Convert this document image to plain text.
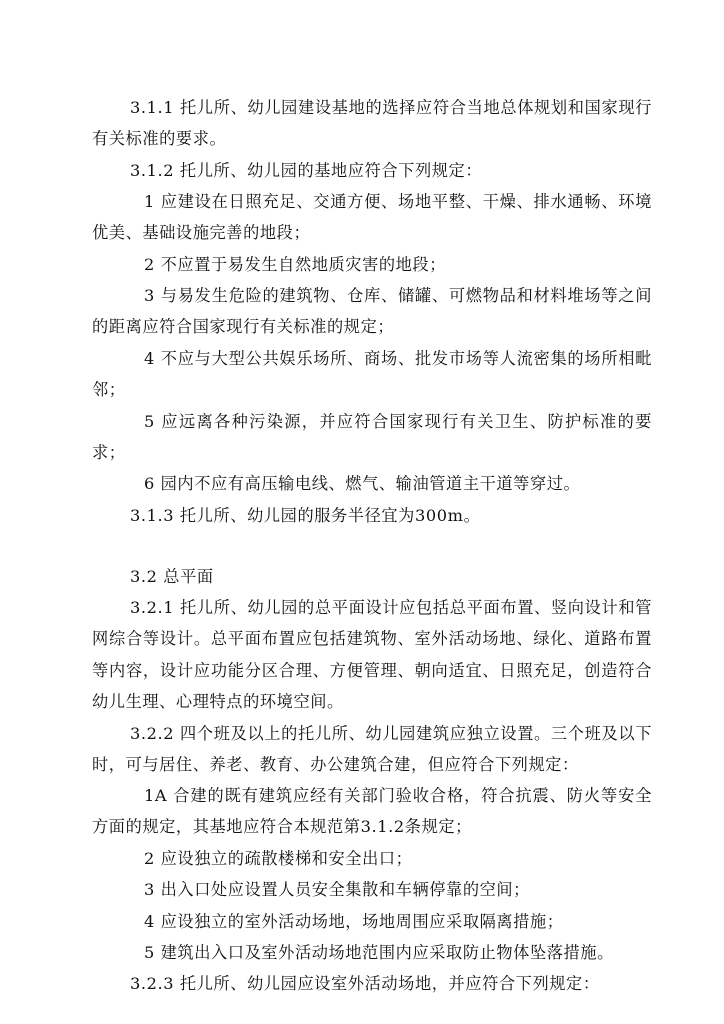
3.1.1 托儿所、幼儿园建设基地的选择应符合当地总体规划和国家现行有关标准的要求。

3.1.2 托儿所、幼儿园的基地应符合下列规定：

1 应建设在日照充足、交通方便、场地平整、干燥、排水通畅、环境优美、基础设施完善的地段；

2 不应置于易发生自然地质灾害的地段；

3 与易发生危险的建筑物、仓库、储罐、可燃物品和材料堆场等之间的距离应符合国家现行有关标准的规定；

4 不应与大型公共娱乐场所、商场、批发市场等人流密集的场所相毗邻；

5 应远离各种污染源，并应符合国家现行有关卫生、防护标准的要求；

6 园内不应有高压输电线、燃气、输油管道主干道等穿过。

3.1.3 托儿所、幼儿园的服务半径宜为300m。

3.2 总平面

3.2.1 托儿所、幼儿园的总平面设计应包括总平面布置、竖向设计和管网综合等设计。总平面布置应包括建筑物、室外活动场地、绿化、道路布置等内容，设计应功能分区合理、方便管理、朝向适宜、日照充足，创造符合幼儿生理、心理特点的环境空间。

3.2.2 四个班及以上的托儿所、幼儿园建筑应独立设置。三个班及以下时，可与居住、养老、教育、办公建筑合建，但应符合下列规定：

1A 合建的既有建筑应经有关部门验收合格，符合抗震、防火等安全方面的规定，其基地应符合本规范第3.1.2条规定；

2 应设独立的疏散楼梯和安全出口；

3 出入口处应设置人员安全集散和车辆停靠的空间；

4 应设独立的室外活动场地，场地周围应采取隔离措施；

5 建筑出入口及室外活动场地范围内应采取防止物体坠落措施。

3.2.3 托儿所、幼儿园应设室外活动场地，并应符合下列规定：
